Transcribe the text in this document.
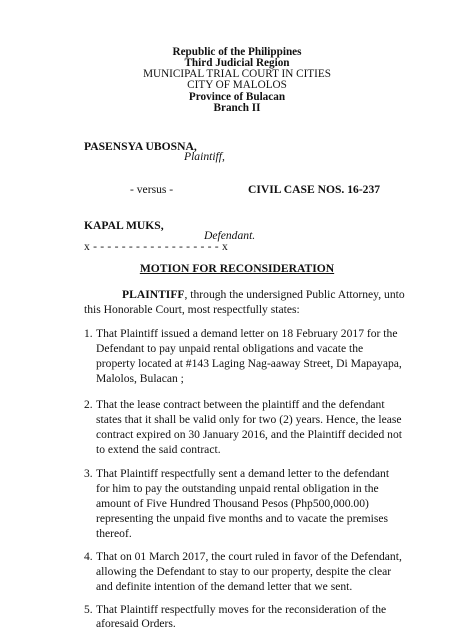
Republic of the Philippines
Third Judicial Region
MUNICIPAL TRIAL COURT IN CITIES
CITY OF MALOLOS
Province of Bulacan
Branch II
PASENSYA UBOSNA,
Plaintiff,
- versus -	CIVIL CASE NOS. 16-237
KAPAL MUKS,
Defendant.
x - - - - - - - - - - - - - - - - - - x
MOTION FOR RECONSIDERATION
PLAINTIFF, through the undersigned Public Attorney, unto
this Honorable Court, most respectfully states:
1. That Plaintiff issued a demand letter on 18 February 2017 for the
Defendant to pay unpaid rental obligations and vacate the
property located at #143 Laging Nag-aaway Street, Di Mapayapa,
Malolos, Bulacan ;
2. That the lease contract between the plaintiff and the defendant
states that it shall be valid only for two (2) years. Hence, the lease
contract expired on 30 January 2016, and the Plaintiff decided not
to extend the said contract.
3. That Plaintiff respectfully sent a demand letter to the defendant
for him to pay the outstanding unpaid rental obligation in the
amount of Five Hundred Thousand Pesos (Php500,000.00)
representing the unpaid five months and to vacate the premises
thereof.
4. That on 01 March 2017, the court ruled in favor of the Defendant,
allowing the Defendant to stay to our property, despite the clear
and definite intention of the demand letter that we sent.
5. That Plaintiff respectfully moves for the reconsideration of the
aforesaid Orders.
